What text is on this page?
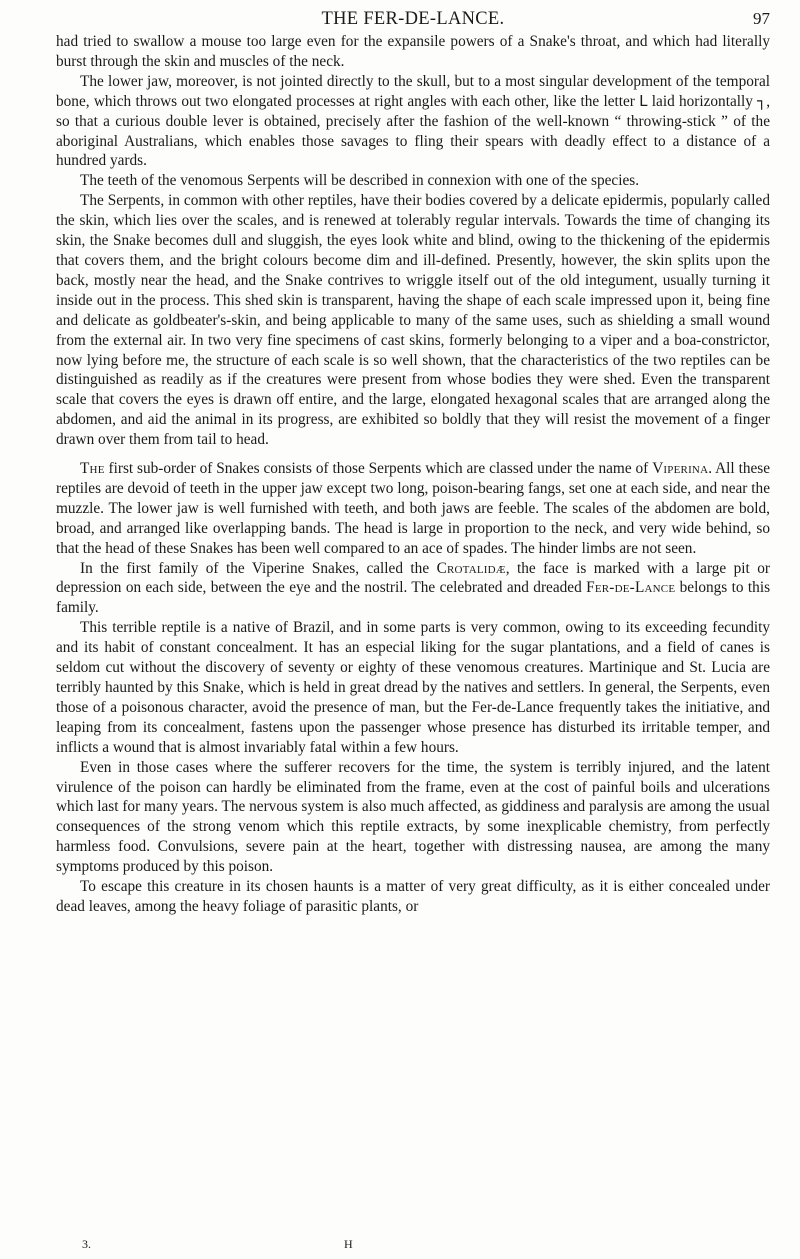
THE FER-DE-LANCE.	97

had tried to swallow a mouse too large even for the expansile powers of a Snake's throat, and which had literally burst through the skin and muscles of the neck.

The lower jaw, moreover, is not jointed directly to the skull, but to a most singular development of the temporal bone, which throws out two elongated processes at right angles with each other, like the letter L laid horizontally ┐, so that a curious double lever is obtained, precisely after the fashion of the well-known “ throwing-stick ” of the aboriginal Australians, which enables those savages to fling their spears with deadly effect to a distance of a hundred yards.

The teeth of the venomous Serpents will be described in connexion with one of the species.

The Serpents, in common with other reptiles, have their bodies covered by a delicate epidermis, popularly called the skin, which lies over the scales, and is renewed at tolerably regular intervals. Towards the time of changing its skin, the Snake becomes dull and sluggish, the eyes look white and blind, owing to the thickening of the epidermis that covers them, and the bright colours become dim and ill-defined. Presently, however, the skin splits upon the back, mostly near the head, and the Snake contrives to wriggle itself out of the old integument, usually turning it inside out in the process. This shed skin is transparent, having the shape of each scale impressed upon it, being fine and delicate as goldbeater's-skin, and being applicable to many of the same uses, such as shielding a small wound from the external air. In two very fine specimens of cast skins, formerly belonging to a viper and a boa-constrictor, now lying before me, the structure of each scale is so well shown, that the characteristics of the two reptiles can be distinguished as readily as if the creatures were present from whose bodies they were shed. Even the transparent scale that covers the eyes is drawn off entire, and the large, elongated hexagonal scales that are arranged along the abdomen, and aid the animal in its progress, are exhibited so boldly that they will resist the movement of a finger drawn over them from tail to head.

The first sub-order of Snakes consists of those Serpents which are classed under the name of Viperina. All these reptiles are devoid of teeth in the upper jaw except two long, poison-bearing fangs, set one at each side, and near the muzzle. The lower jaw is well furnished with teeth, and both jaws are feeble. The scales of the abdomen are bold, broad, and arranged like overlapping bands. The head is large in proportion to the neck, and very wide behind, so that the head of these Snakes has been well compared to an ace of spades. The hinder limbs are not seen.

In the first family of the Viperine Snakes, called the Crotalidæ, the face is marked with a large pit or depression on each side, between the eye and the nostril. The celebrated and dreaded Fer-de-Lance belongs to this family.

This terrible reptile is a native of Brazil, and in some parts is very common, owing to its exceeding fecundity and its habit of constant concealment. It has an especial liking for the sugar plantations, and a field of canes is seldom cut without the discovery of seventy or eighty of these venomous creatures. Martinique and St. Lucia are terribly haunted by this Snake, which is held in great dread by the natives and settlers. In general, the Serpents, even those of a poisonous character, avoid the presence of man, but the Fer-de-Lance frequently takes the initiative, and leaping from its concealment, fastens upon the passenger whose presence has disturbed its irritable temper, and inflicts a wound that is almost invariably fatal within a few hours.

Even in those cases where the sufferer recovers for the time, the system is terribly injured, and the latent virulence of the poison can hardly be eliminated from the frame, even at the cost of painful boils and ulcerations which last for many years. The nervous system is also much affected, as giddiness and paralysis are among the usual consequences of the strong venom which this reptile extracts, by some inexplicable chemistry, from perfectly harmless food. Convulsions, severe pain at the heart, together with distressing nausea, are among the many symptoms produced by this poison.

To escape this creature in its chosen haunts is a matter of very great difficulty, as it is either concealed under dead leaves, among the heavy foliage of parasitic plants, or

3.	H
